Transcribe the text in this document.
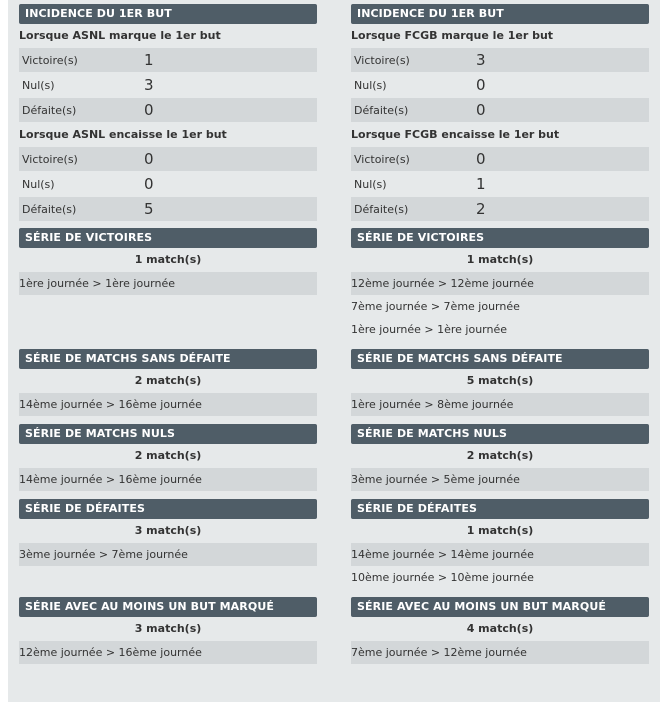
INCIDENCE DU 1ER BUT
Lorsque ASNL marque le 1er but
Victoire(s)	1
Nul(s)	3
Défaite(s)	0
Lorsque ASNL encaisse le 1er but
Victoire(s)	0
Nul(s)	0
Défaite(s)	5
SÉRIE DE VICTOIRES
1 match(s)
1ère journée > 1ère journée
SÉRIE DE MATCHS SANS DÉFAITE
2 match(s)
14ème journée > 16ème journée
SÉRIE DE MATCHS NULS
2 match(s)
14ème journée > 16ème journée
SÉRIE DE DÉFAITES
3 match(s)
3ème journée > 7ème journée
SÉRIE AVEC AU MOINS UN BUT MARQUÉ
3 match(s)
12ème journée > 16ème journée
INCIDENCE DU 1ER BUT
Lorsque FCGB marque le 1er but
Victoire(s)	3
Nul(s)	0
Défaite(s)	0
Lorsque FCGB encaisse le 1er but
Victoire(s)	0
Nul(s)	1
Défaite(s)	2
SÉRIE DE VICTOIRES
1 match(s)
12ème journée > 12ème journée
7ème journée > 7ème journée
1ère journée > 1ère journée
SÉRIE DE MATCHS SANS DÉFAITE
5 match(s)
1ère journée > 8ème journée
SÉRIE DE MATCHS NULS
2 match(s)
3ème journée > 5ème journée
SÉRIE DE DÉFAITES
1 match(s)
14ème journée > 14ème journée
10ème journée > 10ème journée
SÉRIE AVEC AU MOINS UN BUT MARQUÉ
4 match(s)
7ème journée > 12ème journée
